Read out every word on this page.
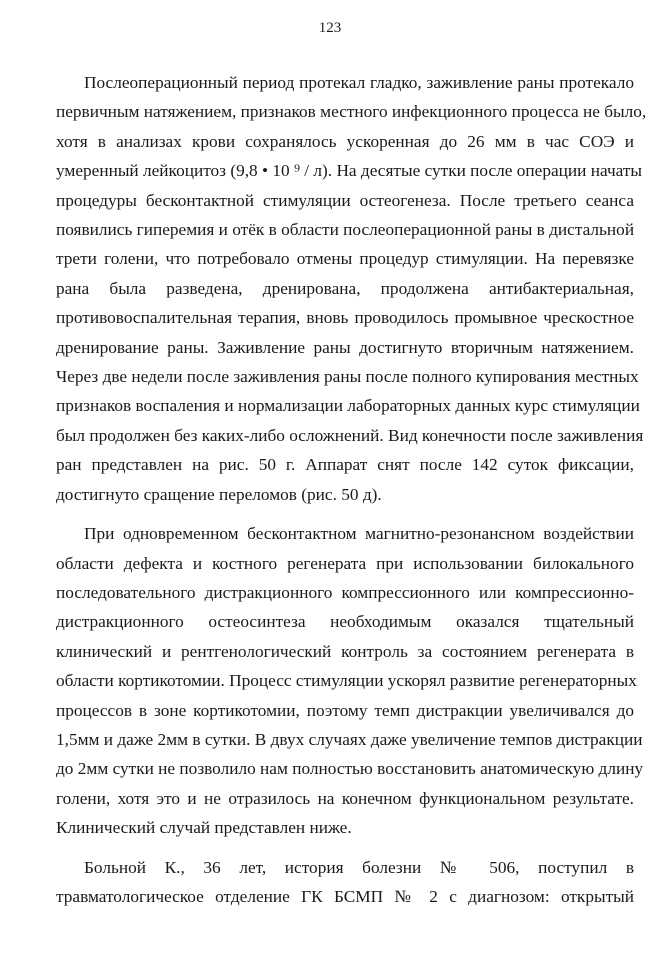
123
Послеоперационный период протекал гладко, заживление раны протекало
первичным натяжением, признаков местного инфекционного процесса не было,
хотя в анализах крови сохранялось ускоренная до 26 мм в час СОЭ и
умеренный лейкоцитоз (9,8 • 10 ⁹ / л). На десятые сутки после операции начаты
процедуры бесконтактной стимуляции остеогенеза. После третьего сеанса
появились гиперемия и отёк в области послеоперационной раны в дистальной
трети голени, что потребовало отмены процедур стимуляции. На перевязке
рана была разведена, дренирована, продолжена антибактериальная,
противовоспалительная терапия, вновь проводилось промывное чрескостное
дренирование раны. Заживление раны достигнуто вторичным натяжением.
Через две недели после заживления раны после полного купирования местных
признаков воспаления и нормализации лабораторных данных курс стимуляции
был продолжен без каких-либо осложнений. Вид конечности после заживления
ран представлен на рис. 50 г. Аппарат снят после 142 суток фиксации,
достигнуто сращение переломов (рис. 50 д).
При одновременном бесконтактном магнитно-резонансном воздействии
области дефекта и костного регенерата при использовании билокального
последовательного дистракционного компрессионного или компрессионно-
дистракционного остеосинтеза необходимым оказался тщательный
клинический и рентгенологический контроль за состоянием регенерата в
области кортикотомии. Процесс стимуляции ускорял развитие регенераторных
процессов в зоне кортикотомии, поэтому темп дистракции увеличивался до
1,5мм и даже 2мм в сутки. В двух случаях даже увеличение темпов дистракции
до 2мм сутки не позволило нам полностью восстановить анатомическую длину
голени, хотя это и не отразилось на конечном функциональном результате.
Клинический случай представлен ниже.
Больной К., 36 лет, история болезни № 506, поступил в
травматологическое отделение ГК БСМП № 2 с диагнозом: открытый
